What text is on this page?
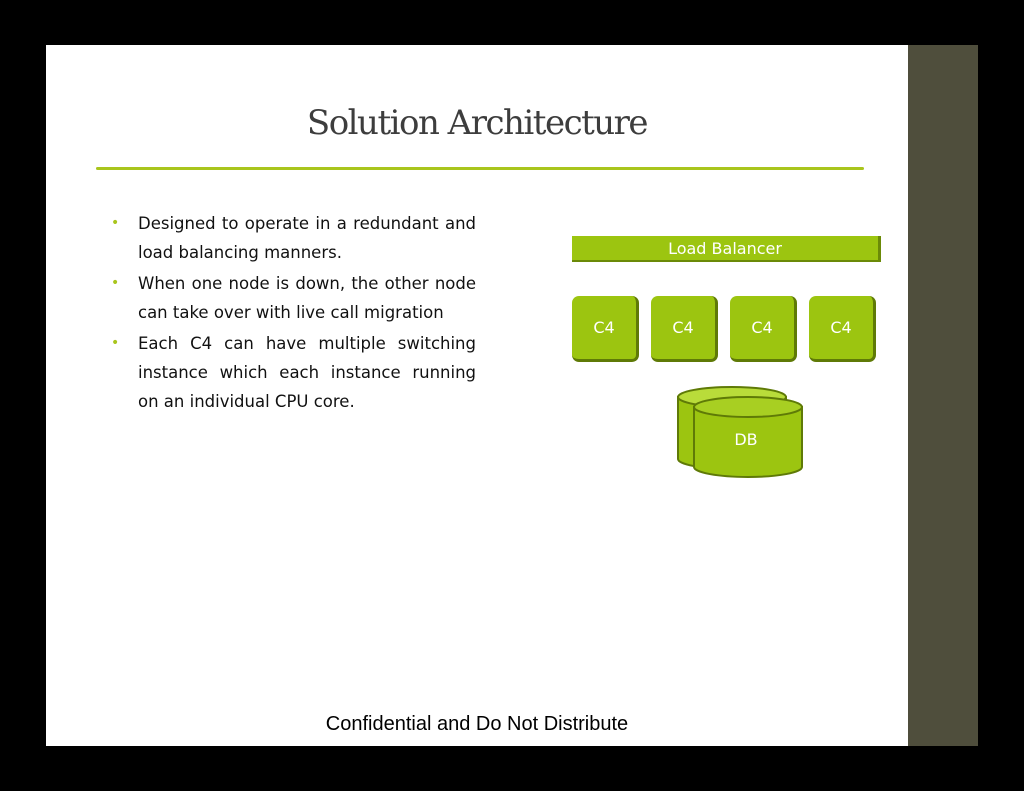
Solution Architecture
• Designed to operate in a redundant and load balancing manners.
• When one node is down, the other node can take over with live call migration
• Each C4 can have multiple switching instance which each instance running on an individual CPU core.
Load Balancer
C4	C4	C4	C4
DB
Confidential and Do Not Distribute
